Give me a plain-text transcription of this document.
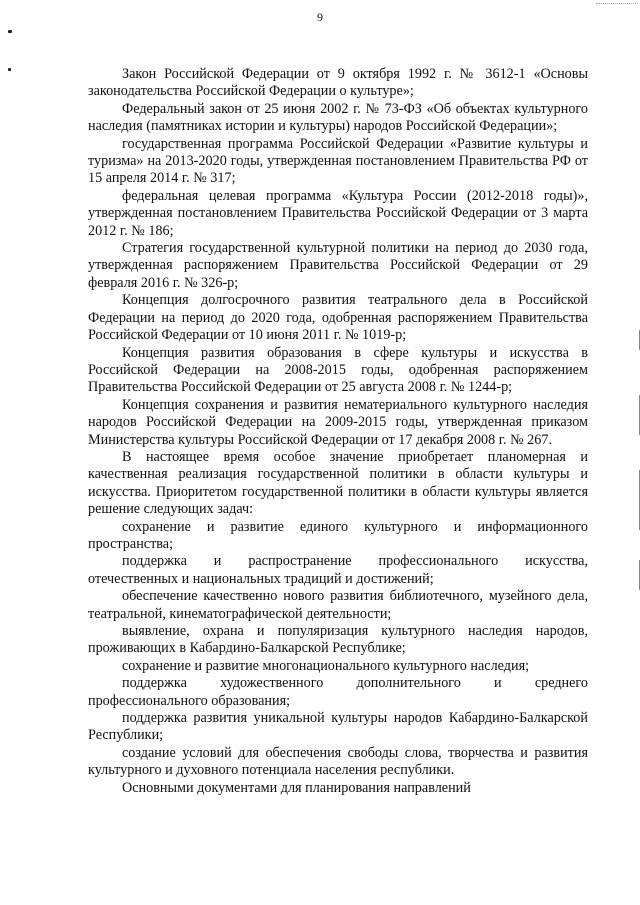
9

Закон Российской Федерации от 9 октября 1992 г. № 3612-1 «Основы законодательства Российской Федерации о культуре»;

Федеральный закон от 25 июня 2002 г. № 73-ФЗ «Об объектах культурного наследия (памятниках истории и культуры) народов Российской Федерации»;

государственная программа Российской Федерации «Развитие культуры и туризма» на 2013-2020 годы, утвержденная постановлением Правительства РФ от 15 апреля 2014 г. № 317;

федеральная целевая программа «Культура России (2012-2018 годы)», утвержденная постановлением Правительства Российской Федерации от 3 марта 2012 г. № 186;

Стратегия государственной культурной политики на период до 2030 года, утвержденная распоряжением Правительства Российской Федерации от 29 февраля 2016 г. № 326-р;

Концепция долгосрочного развития театрального дела в Российской Федерации на период до 2020 года, одобренная распоряжением Правительства Российской Федерации от 10 июня 2011 г. № 1019-р;

Концепция развития образования в сфере культуры и искусства в Российской Федерации на 2008-2015 годы, одобренная распоряжением Правительства Российской Федерации от 25 августа 2008 г. № 1244-р;

Концепция сохранения и развития нематериального культурного наследия народов Российской Федерации на 2009-2015 годы, утвержденная приказом Министерства культуры Российской Федерации от 17 декабря 2008 г. № 267.

В настоящее время особое значение приобретает планомерная и качественная реализация государственной политики в области культуры и искусства. Приоритетом государственной политики в области культуры является решение следующих задач:

сохранение и развитие единого культурного и информационного пространства;

поддержка и распространение профессионального искусства, отечественных и национальных традиций и достижений;

обеспечение качественно нового развития библиотечного, музейного дела, театральной, кинематографической деятельности;

выявление, охрана и популяризация культурного наследия народов, проживающих в Кабардино-Балкарской Республике;

сохранение и развитие многонационального культурного наследия;

поддержка художественного дополнительного и среднего профессионального образования;

поддержка развития уникальной культуры народов Кабардино-Балкарской Республики;

создание условий для обеспечения свободы слова, творчества и развития культурного и духовного потенциала населения республики.

Основными документами для планирования направлений
